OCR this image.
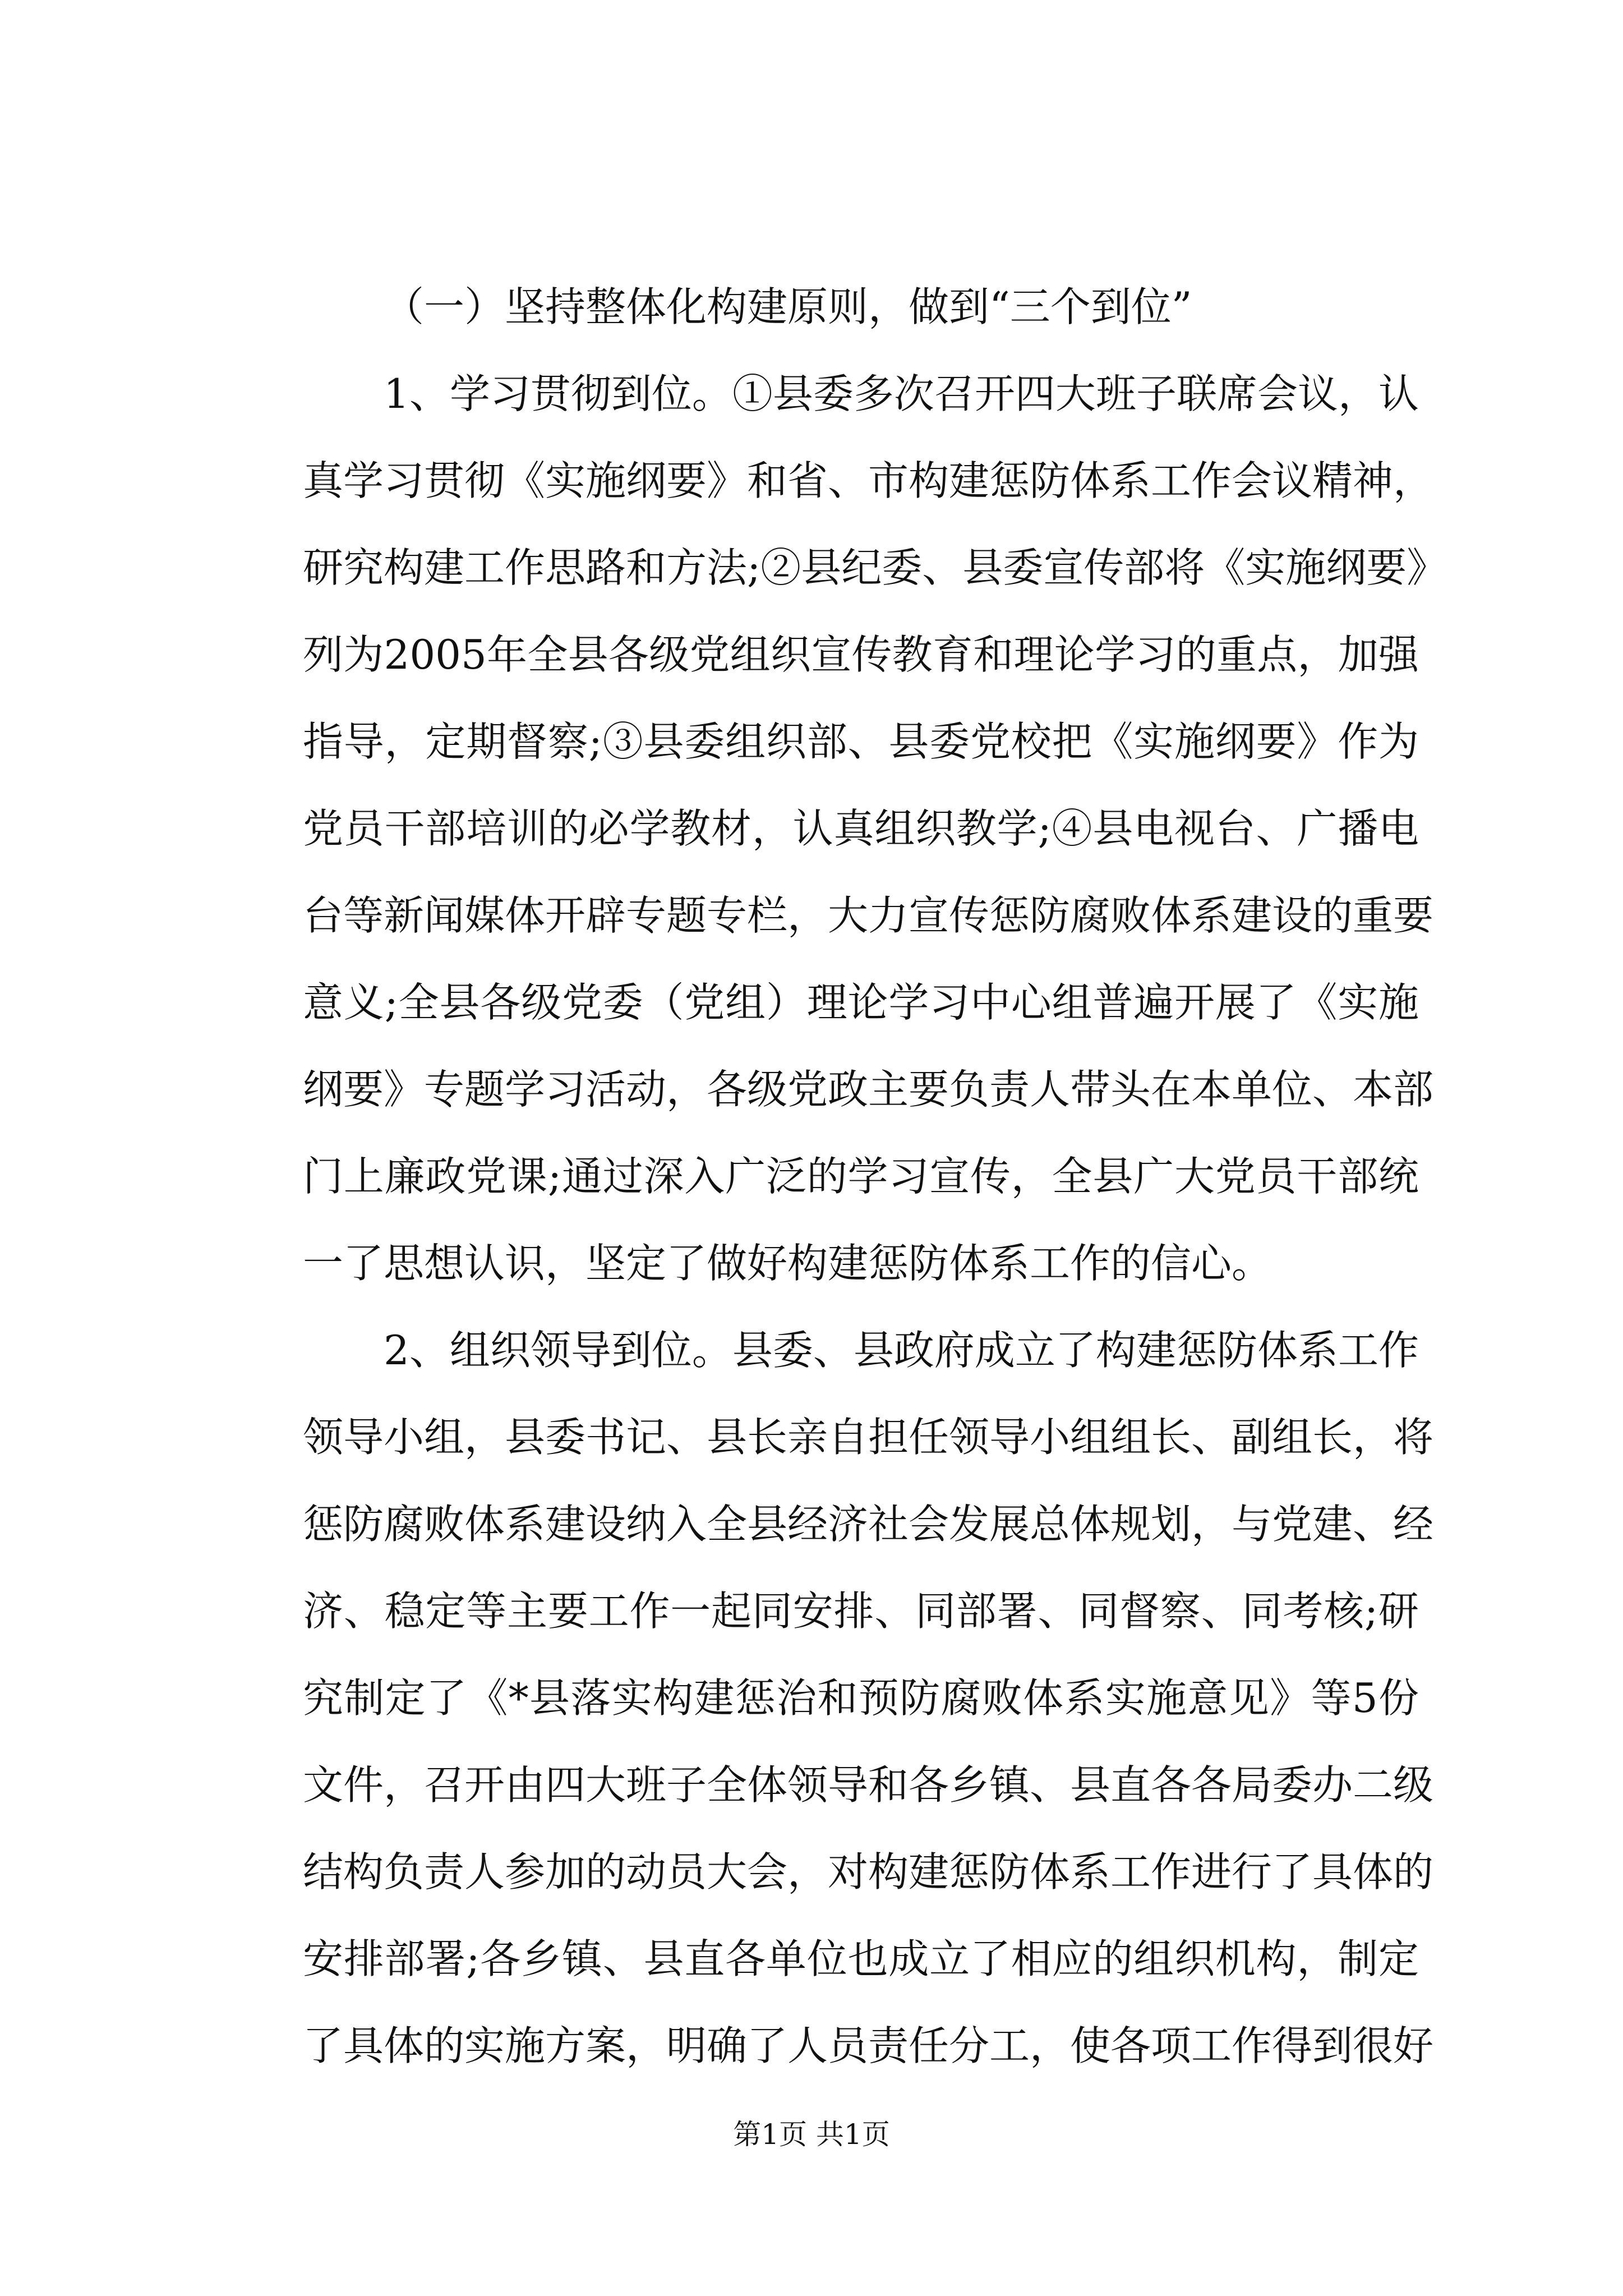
（一）坚持整体化构建原则，做到“三个到位”

1、学习贯彻到位。①县委多次召开四大班子联席会议，认
真学习贯彻《实施纲要》和省、市构建惩防体系工作会议精神，
研究构建工作思路和方法;②县纪委、县委宣传部将《实施纲要》
列为2005年全县各级党组织宣传教育和理论学习的重点，加强
指导，定期督察;③县委组织部、县委党校把《实施纲要》作为
党员干部培训的必学教材，认真组织教学;④县电视台、广播电
台等新闻媒体开辟专题专栏，大力宣传惩防腐败体系建设的重要
意义;全县各级党委（党组）理论学习中心组普遍开展了《实施
纲要》专题学习活动，各级党政主要负责人带头在本单位、本部
门上廉政党课;通过深入广泛的学习宣传，全县广大党员干部统
一了思想认识，坚定了做好构建惩防体系工作的信心。

2、组织领导到位。县委、县政府成立了构建惩防体系工作
领导小组，县委书记、县长亲自担任领导小组组长、副组长，将
惩防腐败体系建设纳入全县经济社会发展总体规划，与党建、经
济、稳定等主要工作一起同安排、同部署、同督察、同考核;研
究制定了《*县落实构建惩治和预防腐败体系实施意见》等5份
文件，召开由四大班子全体领导和各乡镇、县直各各局委办二级
结构负责人参加的动员大会，对构建惩防体系工作进行了具体的
安排部署;各乡镇、县直各单位也成立了相应的组织机构，制定
了具体的实施方案，明确了人员责任分工，使各项工作得到很好

第1页 共1页
